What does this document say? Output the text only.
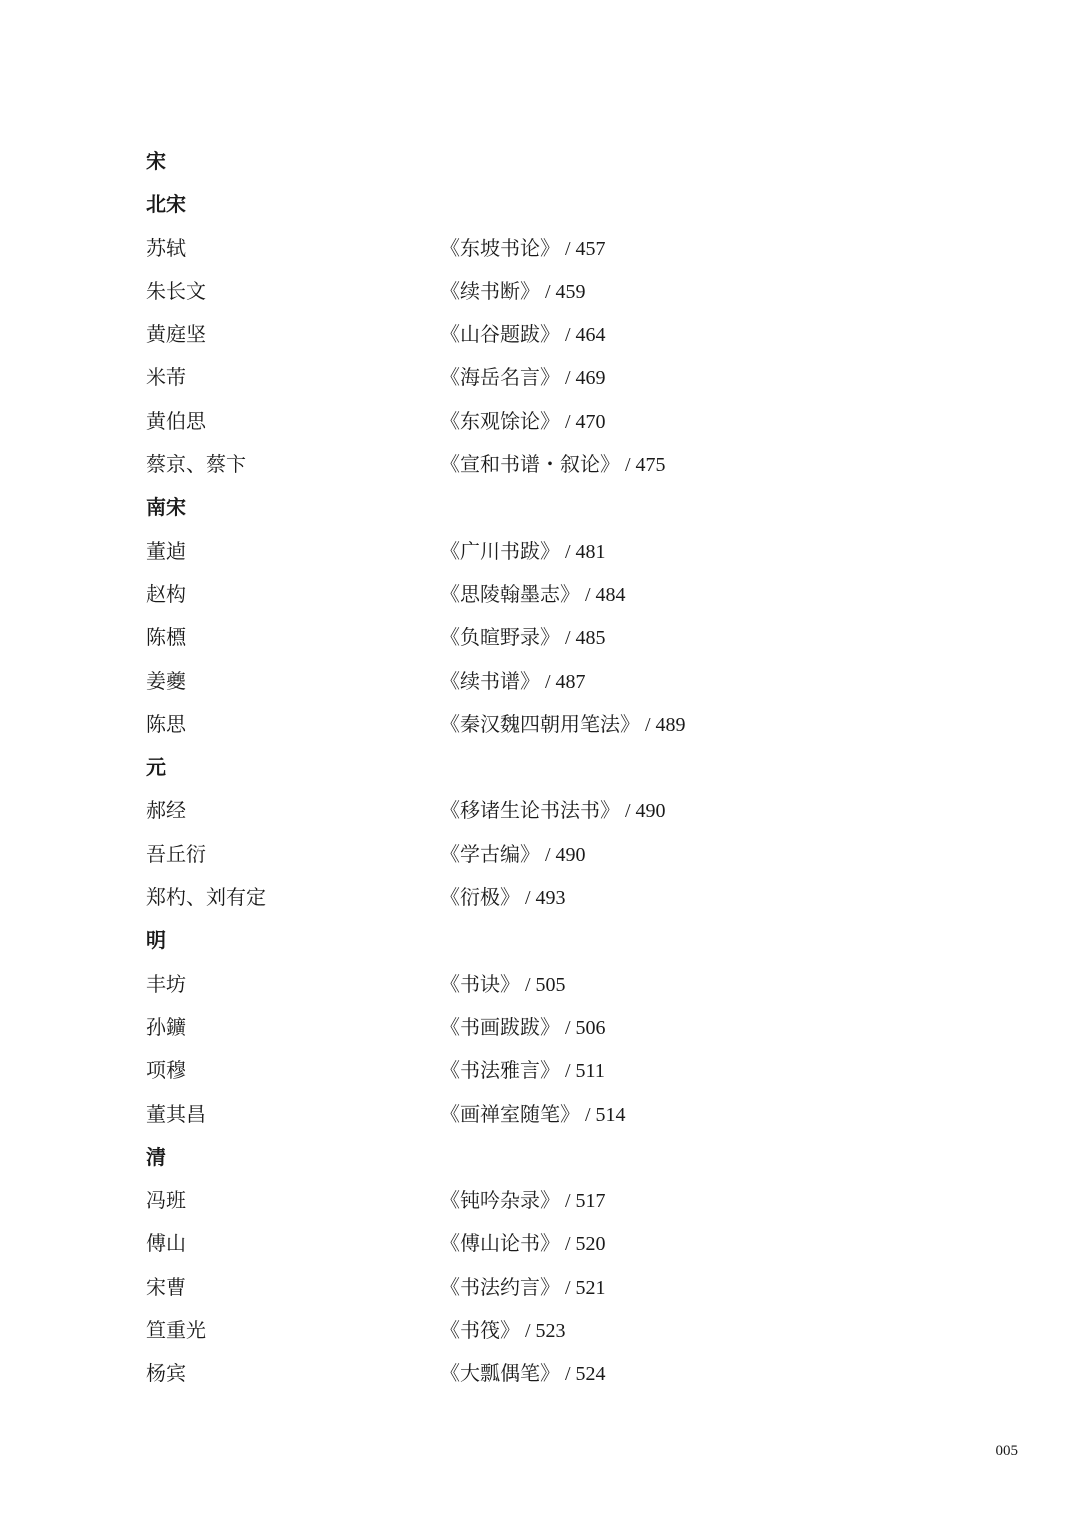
宋
北宋
苏轼	《东坡书论》 / 457
朱长文	《续书断》 / 459
黄庭坚	《山谷题跋》 / 464
米芾	《海岳名言》 / 469
黄伯思	《东观馀论》 / 470
蔡京、蔡卞	《宣和书谱・叙论》 / 475
南宋
董逌	《广川书跋》 / 481
赵构	《思陵翰墨志》 / 484
陈槱	《负暄野录》 / 485
姜夔	《续书谱》 / 487
陈思	《秦汉魏四朝用笔法》 / 489
元
郝经	《移诸生论书法书》 / 490
吾丘衍	《学古编》 / 490
郑杓、刘有定	《衍极》 / 493
明
丰坊	《书诀》 / 505
孙鑛	《书画跋跋》 / 506
项穆	《书法雅言》 / 511
董其昌	《画禅室随笔》 / 514
清
冯班	《钝吟杂录》 / 517
傅山	《傅山论书》 / 520
宋曹	《书法约言》 / 521
笪重光	《书筏》 / 523
杨宾	《大瓢偶笔》 / 524
005
